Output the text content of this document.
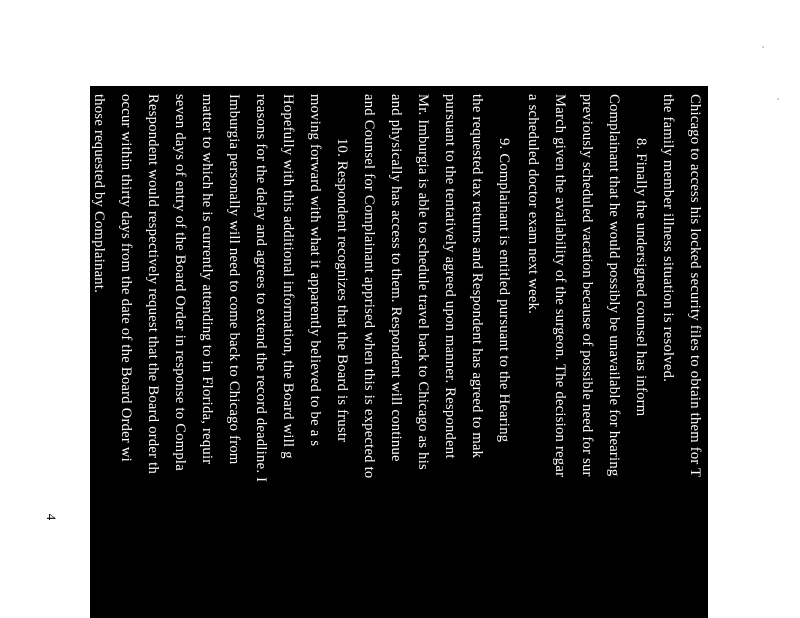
Chicago to access his locked security files to obtain them for T
the family member illness situation is resolved.
8. Finally the undersigned counsel has inform
Complainant that he would possibly be unavailable for hearing
previously scheduled vacation because of possible need for sur
March given the availability of the surgeon. The decision regar
a scheduled doctor exam next week.
9. Complainant is entitled pursuant to the Hearing
the requested tax returns and Respondent has agreed to mak
pursuant to the tentatively agreed upon manner. Respondent
Mr. Imburgia is able to schedule travel back to Chicago as his
and physically has access to them. Respondent will continue
and Counsel for Complainant apprised when this is expected to
10. Respondent recognizes that the Board is frustr
moving forward with what it apparently believed to be a s
Hopefully with this additional information, the Board will g
reasons for the delay and agrees to extend the record deadline. I
Imburgia personally will need to come back to Chicago from
matter to which he is currently attending to in Florida, requir
seven days of entry of the Board Order in response to Compla
Respondent would respectively request that the Board order th
occur within thirty days from the date of the Board Order wi
those requested by Complainant.
4
